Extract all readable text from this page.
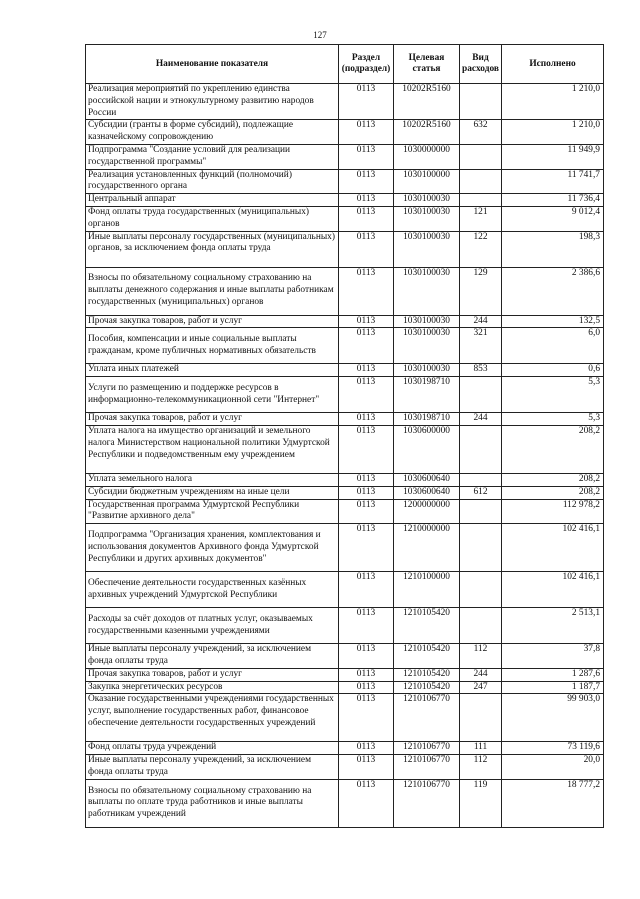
127
Наименование показателя	Раздел (подраздел)	Целевая статья	Вид расходов	Исполнено
Реализация мероприятий по укреплению единства российской нации и этнокультурному развитию народов России	0113	10202R5160		1 210,0
Субсидии (гранты в форме субсидий), подлежащие казначейскому сопровождению	0113	10202R5160	632	1 210,0
Подпрограмма "Создание условий для реализации государственной программы"	0113	1030000000		11 949,9
Реализация установленных функций (полномочий) государственного органа	0113	1030100000		11 741,7
Центральный аппарат	0113	1030100030		11 736,4
Фонд оплаты труда государственных (муниципальных) органов	0113	1030100030	121	9 012,4
Иные выплаты персоналу государственных (муниципальных) органов, за исключением фонда оплаты труда	0113	1030100030	122	198,3
Взносы по обязательному социальному страхованию на выплаты денежного содержания и иные выплаты работникам государственных (муниципальных) органов	0113	1030100030	129	2 386,6
Прочая закупка товаров, работ и услуг	0113	1030100030	244	132,5
Пособия, компенсации и иные социальные выплаты гражданам, кроме публичных нормативных обязательств	0113	1030100030	321	6,0
Уплата иных платежей	0113	1030100030	853	0,6
Услуги по размещению и поддержке ресурсов в информационно-телекоммуникационной сети "Интернет"	0113	1030198710		5,3
Прочая закупка товаров, работ и услуг	0113	1030198710	244	5,3
Уплата налога на имущество организаций и земельного налога Министерством национальной политики Удмуртской Республики и подведомственным ему учреждением	0113	1030600000		208,2
Уплата земельного налога	0113	1030600640		208,2
Субсидии бюджетным учреждениям на иные цели	0113	1030600640	612	208,2
Государственная программа Удмуртской Республики "Развитие архивного дела"	0113	1200000000		112 978,2
Подпрограмма "Организация хранения, комплектования и использования документов Архивного фонда Удмуртской Республики и других архивных документов"	0113	1210000000		102 416,1
Обеспечение деятельности государственных казённых архивных учреждений Удмуртской Республики	0113	1210100000		102 416,1
Расходы за счёт доходов от платных услуг, оказываемых государственными казенными учреждениями	0113	1210105420		2 513,1
Иные выплаты персоналу учреждений, за исключением фонда оплаты труда	0113	1210105420	112	37,8
Прочая закупка товаров, работ и услуг	0113	1210105420	244	1 287,6
Закупка энергетических ресурсов	0113	1210105420	247	1 187,7
Оказание государственными учреждениями государственных услуг, выполнение государственных работ, финансовое обеспечение деятельности государственных учреждений	0113	1210106770		99 903,0
Фонд оплаты труда учреждений	0113	1210106770	111	73 119,6
Иные выплаты персоналу учреждений, за исключением фонда оплаты труда	0113	1210106770	112	20,0
Взносы по обязательному социальному страхованию на выплаты по оплате труда работников и иные выплаты работникам учреждений	0113	1210106770	119	18 777,2
